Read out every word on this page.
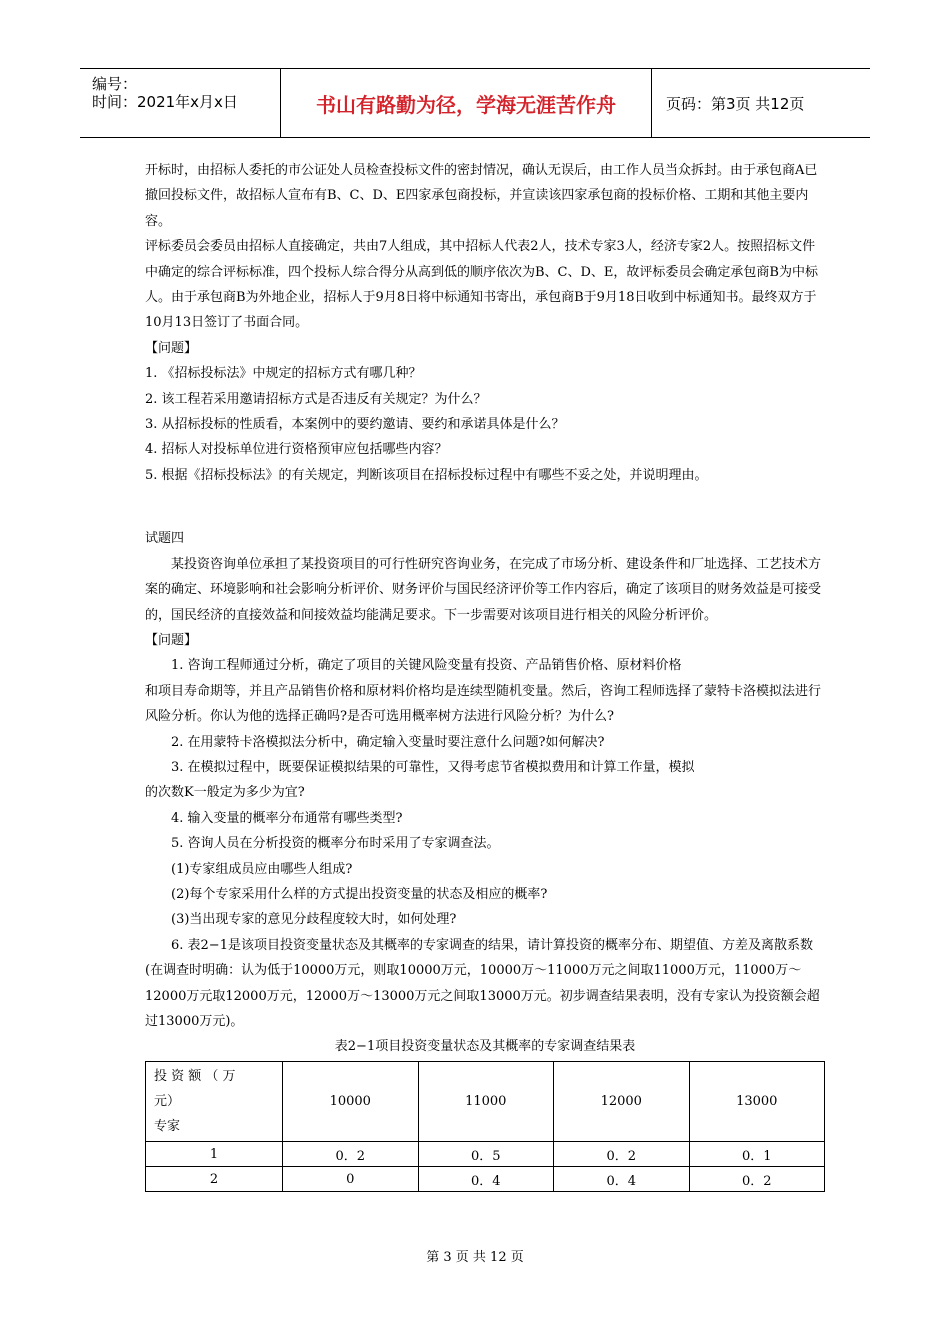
编号：
时间：2021年x月x日	书山有路勤为径，学海无涯苦作舟	页码：第3页 共12页

开标时，由招标人委托的市公证处人员检查投标文件的密封情况，确认无误后，由工作人员当众拆封。由于承包商A已撤回投标文件，故招标人宣布有B、C、D、E四家承包商投标，并宣读该四家承包商的投标价格、工期和其他主要内容。

评标委员会委员由招标人直接确定，共由7人组成，其中招标人代表2人，技术专家3人，经济专家2人。按照招标文件中确定的综合评标标准，四个投标人综合得分从高到低的顺序依次为B、C、D、E，故评标委员会确定承包商B为中标人。由于承包商B为外地企业，招标人于9月8日将中标通知书寄出，承包商B于9月18日收到中标通知书。最终双方于10月13日签订了书面合同。

【问题】

1. 《招标投标法》中规定的招标方式有哪几种？

2. 该工程若采用邀请招标方式是否违反有关规定？为什么？

3. 从招标投标的性质看，本案例中的要约邀请、要约和承诺具体是什么？

4. 招标人对投标单位进行资格预审应包括哪些内容？

5. 根据《招标投标法》的有关规定，判断该项目在招标投标过程中有哪些不妥之处，并说明理由。

试题四

某投资咨询单位承担了某投资项目的可行性研究咨询业务，在完成了市场分析、建设条件和厂址选择、工艺技术方案的确定、环境影响和社会影响分析评价、财务评价与国民经济评价等工作内容后，确定了该项目的财务效益是可接受的，国民经济的直接效益和间接效益均能满足要求。下一步需要对该项目进行相关的风险分析评价。

【问题】

1. 咨询工程师通过分析，确定了项目的关键风险变量有投资、产品销售价格、原材料价格

和项目寿命期等，并且产品销售价格和原材料价格均是连续型随机变量。然后，咨询工程师选择了蒙特卡洛模拟法进行风险分析。你认为他的选择正确吗?是否可选用概率树方法进行风险分析？为什么?

2. 在用蒙特卡洛模拟法分析中，确定输入变量时要注意什么问题?如何解决?

3. 在模拟过程中，既要保证模拟结果的可靠性，又得考虑节省模拟费用和计算工作量，模拟

的次数K一般定为多少为宜?

4. 输入变量的概率分布通常有哪些类型?

5. 咨询人员在分析投资的概率分布时采用了专家调查法。

(1)专家组成员应由哪些人组成?

(2)每个专家采用什么样的方式提出投资变量的状态及相应的概率?

(3)当出现专家的意见分歧程度较大时，如何处理?

6. 表2−1是该项目投资变量状态及其概率的专家调查的结果，请计算投资的概率分布、期望值、方差及离散系数(在调查时明确：认为低于10000万元，则取10000万元，10000万～11000万元之间取11000万元，11000万～12000万元取12000万元，12000万～13000万元之间取13000万元。初步调查结果表明，没有专家认为投资额会超过13000万元)。

表2−1项目投资变量状态及其概率的专家调查结果表
投 资 额 （ 万
元）
专家	10000	11000	12000	13000
1	0．2	0．5	0．2	0．1
2	0	0．4	0．4	0．2
第 3 页 共 12 页
